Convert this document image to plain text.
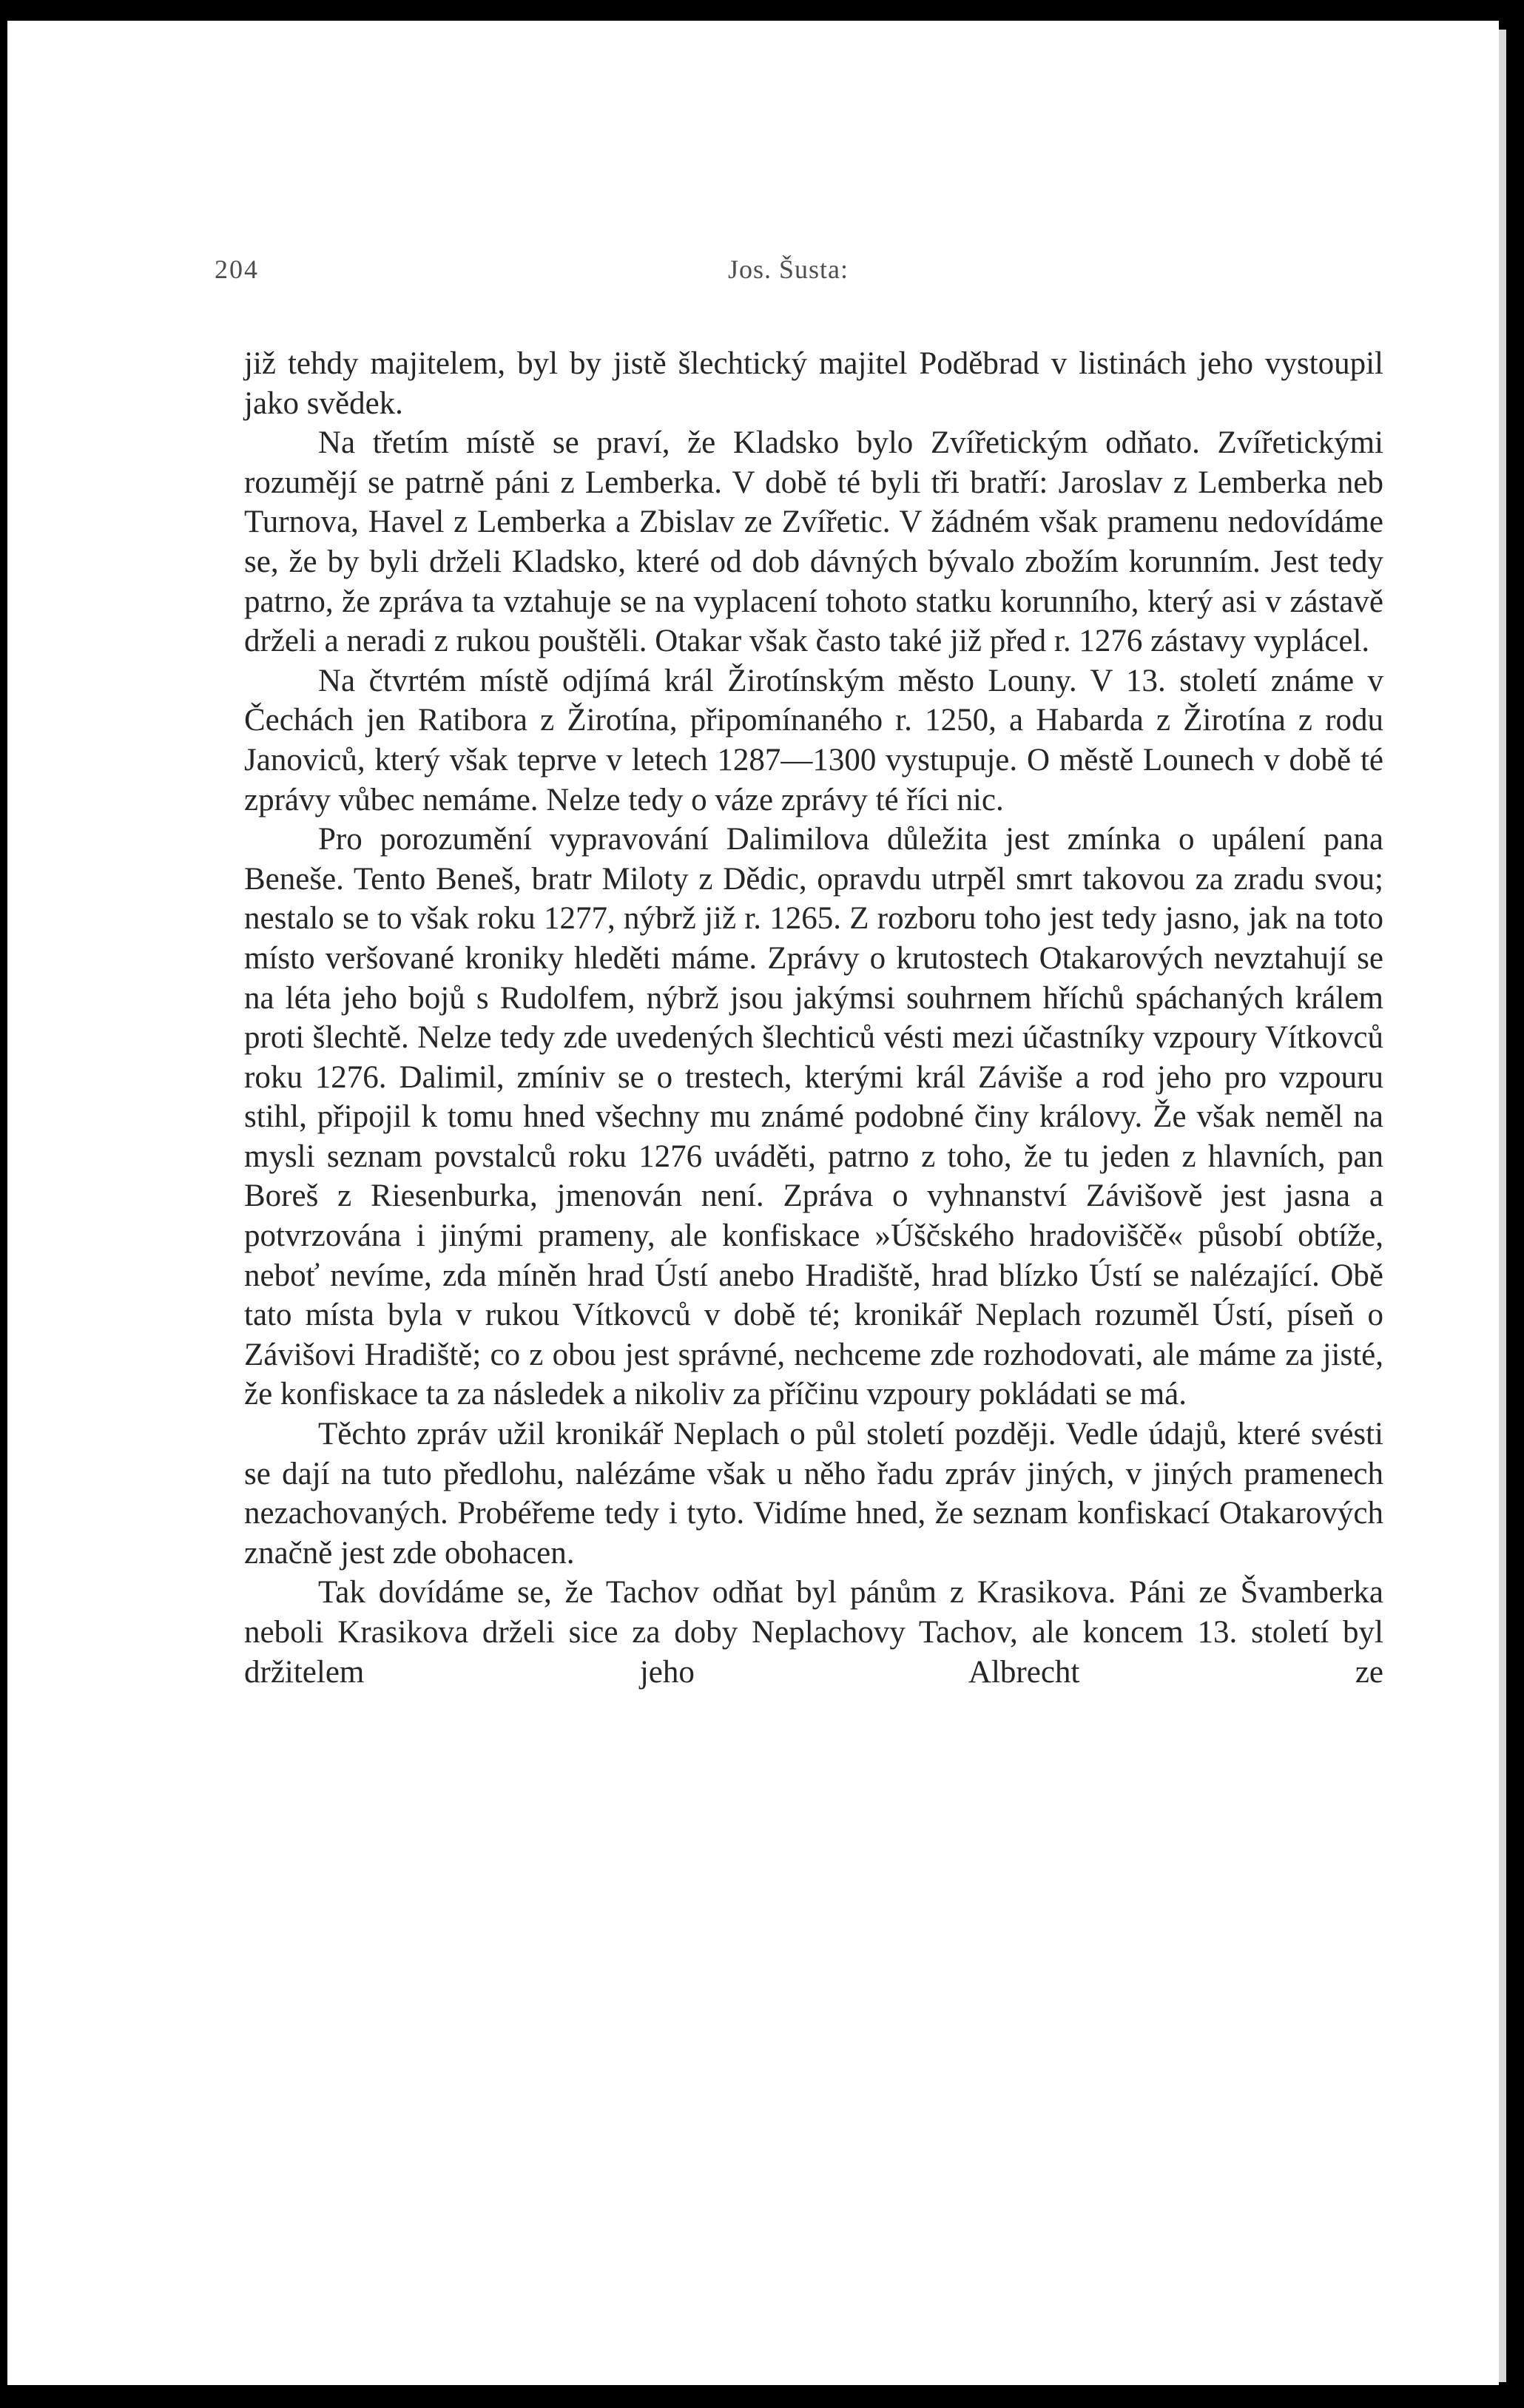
204	Jos. Šusta:

již tehdy majitelem, byl by jistě šlechtický majitel Poděbrad v listinách jeho vystoupil jako svědek.

Na třetím místě se praví, že Kladsko bylo Zvířetickým odňato. Zvířetickými rozumějí se patrně páni z Lemberka. V době té byli tři bratří: Jaroslav z Lemberka neb Turnova, Havel z Lemberka a Zbislav ze Zvířetic. V žádném však pramenu nedovídáme se, že by byli drželi Kladsko, které od dob dávných bývalo zbožím korunním. Jest tedy patrno, že zpráva ta vztahuje se na vyplacení tohoto statku korunního, který asi v zástavě drželi a neradi z rukou pouštěli. Otakar však často také již před r. 1276 zástavy vyplácel.

Na čtvrtém místě odjímá král Žirotínským město Louny. V 13. století známe v Čechách jen Ratibora z Žirotína, připomínaného r. 1250, a Habarda z Žirotína z rodu Janoviců, který však teprve v letech 1287—1300 vystupuje. O městě Lounech v době té zprávy vůbec nemáme. Nelze tedy o váze zprávy té říci nic.

Pro porozumění vypravování Dalimilova důležita jest zmínka o upálení pana Beneše. Tento Beneš, bratr Miloty z Dědic, opravdu utrpěl smrt takovou za zradu svou; nestalo se to však roku 1277, nýbrž již r. 1265. Z rozboru toho jest tedy jasno, jak na toto místo veršované kroniky hleděti máme. Zprávy o krutostech Otakarových nevztahují se na léta jeho bojů s Rudolfem, nýbrž jsou jakýmsi souhrnem hříchů spáchaných králem proti šlechtě. Nelze tedy zde uvedených šlechticů vésti mezi účastníky vzpoury Vítkovců roku 1276. Dalimil, zmíniv se o trestech, kterými král Záviše a rod jeho pro vzpouru stihl, připojil k tomu hned všechny mu známé podobné činy královy. Že však neměl na mysli seznam povstalců roku 1276 uváděti, patrno z toho, že tu jeden z hlavních, pan Boreš z Riesenburka, jmenován není. Zpráva o vyhnanství Závišově jest jasna a potvrzována i jinými prameny, ale konfiskace »Úščského hradoviščě« působí obtíže, neboť nevíme, zda míněn hrad Ústí anebo Hradiště, hrad blízko Ústí se nalézající. Obě tato místa byla v rukou Vítkovců v době té; kronikář Neplach rozuměl Ústí, píseň o Závišovi Hradiště; co z obou jest správné, nechceme zde rozhodovati, ale máme za jisté, že konfiskace ta za následek a nikoliv za příčinu vzpoury pokládati se má.

Těchto zpráv užil kronikář Neplach o půl století později. Vedle údajů, které svésti se dají na tuto předlohu, nalézáme však u něho řadu zpráv jiných, v jiných pramenech nezachovaných. Probéřeme tedy i tyto. Vidíme hned, že seznam konfiskací Otakarových značně jest zde obohacen.

Tak dovídáme se, že Tachov odňat byl pánům z Krasikova. Páni ze Švamberka neboli Krasikova drželi sice za doby Neplachovy Tachov, ale koncem 13. století byl držitelem jeho Albrecht ze
